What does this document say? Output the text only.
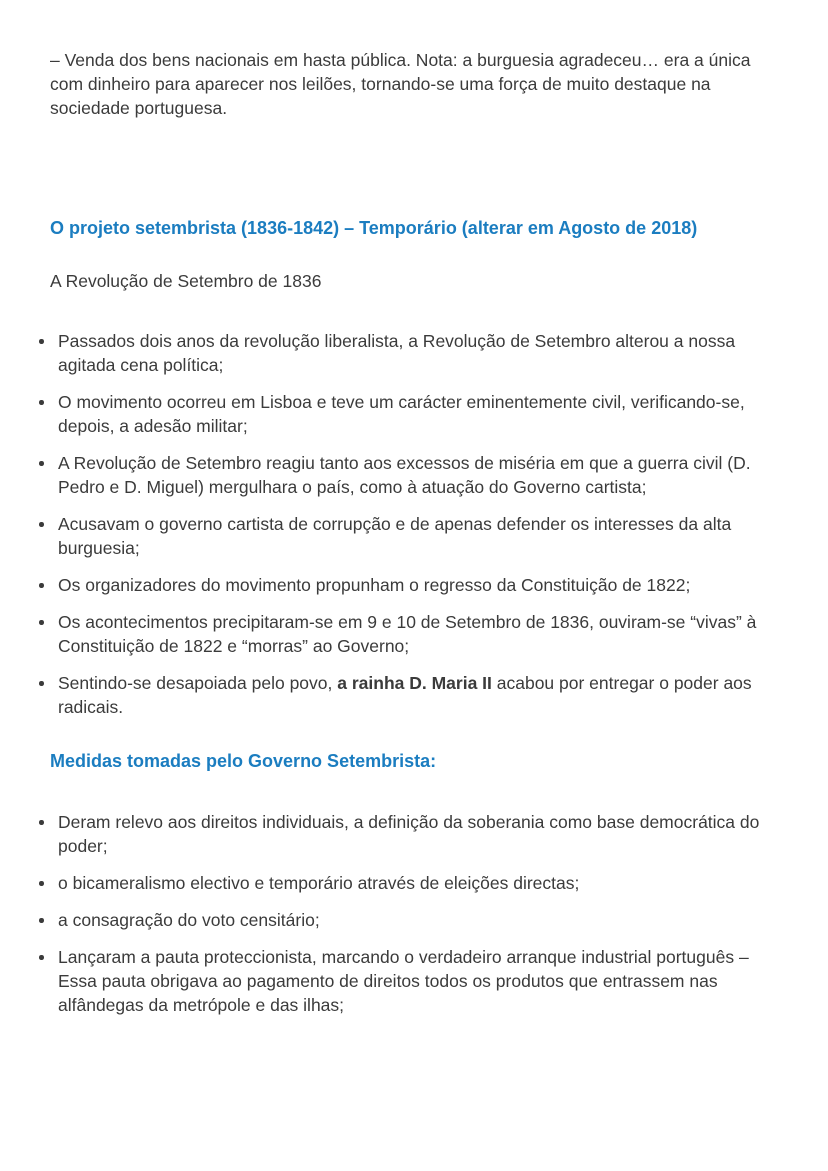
– Venda dos bens nacionais em hasta pública. Nota: a burguesia agradeceu… era a única com dinheiro para aparecer nos leilões, tornando-se uma força de muito destaque na sociedade portuguesa.

O projeto setembrista (1836-1842) – Temporário (alterar em Agosto de 2018)

A Revolução de Setembro de 1836

Passados dois anos da revolução liberalista, a Revolução de Setembro alterou a nossa agitada cena política;
O movimento ocorreu em Lisboa e teve um carácter eminentemente civil, verificando-se, depois, a adesão militar;
A Revolução de Setembro reagiu tanto aos excessos de miséria em que a guerra civil (D. Pedro e D. Miguel) mergulhara o país, como à atuação do Governo cartista;
Acusavam o governo cartista de corrupção e de apenas defender os interesses da alta burguesia;
Os organizadores do movimento propunham o regresso da Constituição de 1822;
Os acontecimentos precipitaram-se em 9 e 10 de Setembro de 1836, ouviram-se “vivas” à Constituição de 1822 e “morras” ao Governo;
Sentindo-se desapoiada pelo povo, a rainha D. Maria II acabou por entregar o poder aos radicais.
Medidas tomadas pelo Governo Setembrista:
Deram relevo aos direitos individuais, a definição da soberania como base democrática do poder;
o bicameralismo electivo e temporário através de eleições directas;
a consagração do voto censitário;
Lançaram a pauta proteccionista, marcando o verdadeiro arranque industrial português – Essa pauta obrigava ao pagamento de direitos todos os produtos que entrassem nas alfândegas da metrópole e das ilhas;
